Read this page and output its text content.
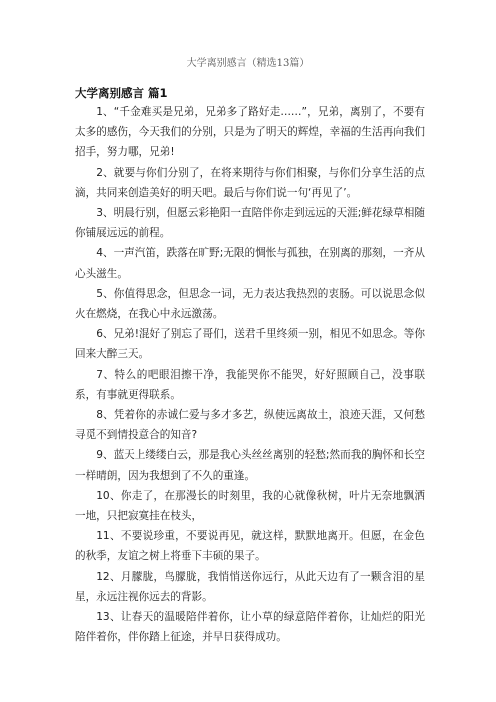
大学离别感言（精选13篇）
大学离别感言 篇1

1、“千金难买是兄弟，兄弟多了路好走……”，兄弟，离别了，不要有太多的感伤，今天我们的分别，只是为了明天的辉煌，幸福的生活再向我们招手，努力哪，兄弟!

2、就要与你们分别了，在将来期待与你们相聚，与你们分享生活的点滴，共同来创造美好的明天吧。最后与你们说一句‘再见了’。

3、明晨行别，但愿云彩艳阳一直陪伴你走到远远的天涯;鲜花绿草相随你铺展远远的前程。

4、一声汽笛，跌落在旷野;无限的惆怅与孤独，在别离的那刻，一齐从心头滋生。

5、你值得思念，但思念一词，无力表达我热烈的衷肠。可以说思念似火在燃烧，在我心中永远激荡。

6、兄弟!混好了别忘了哥们，送君千里终须一别，相见不如思念。等你回来大醉三天。

7、特么的吧眼泪擦干净，我能哭你不能哭，好好照顾自己，没事联系，有事就更得联系。

8、凭着你的赤诚仁爱与多才多艺，纵使远离故土，浪迹天涯，又何愁寻觅不到情投意合的知音?

9、蓝天上缕缕白云，那是我心头丝丝离别的轻愁;然而我的胸怀和长空一样晴朗，因为我想到了不久的重逢。

10、你走了，在那漫长的时刻里，我的心就像秋树，叶片无奈地飘洒一地，只把寂寞挂在枝头，

11、不要说珍重，不要说再见，就这样，默默地离开。但愿，在金色的秋季，友谊之树上将垂下丰硕的果子。

12、月朦胧，鸟朦胧，我悄悄送你远行，从此天边有了一颗含泪的星星，永远注视你远去的背影。

13、让春天的温暖陪伴着你，让小草的绿意陪伴着你，让灿烂的阳光陪伴着你，伴你踏上征途，并早日获得成功。
